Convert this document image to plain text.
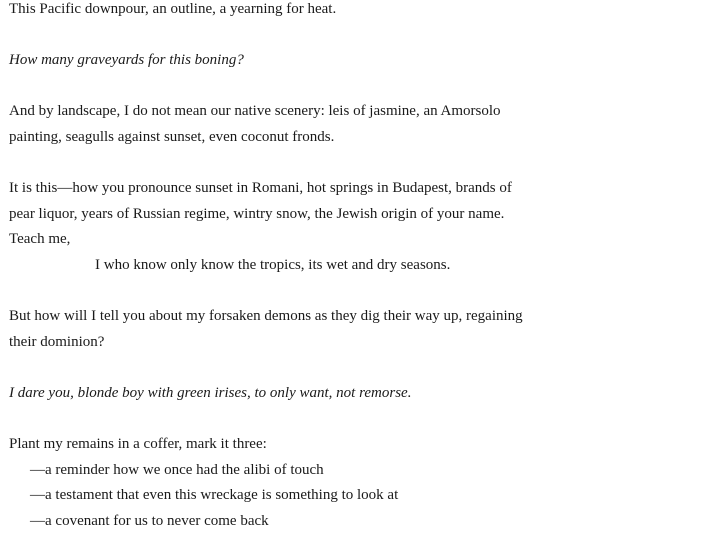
This Pacific downpour, an outline, a yearning for heat.
How many graveyards for this boning?
And by landscape, I do not mean our native scenery: leis of jasmine, an Amorsolo
painting, seagulls against sunset, even coconut fronds.
It is this—how you pronounce sunset in Romani, hot springs in Budapest, brands of
pear liquor, years of Russian regime, wintry snow, the Jewish origin of your name.
Teach me,
I who know only know the tropics, its wet and dry seasons.
But how will I tell you about my forsaken demons as they dig their way up, regaining
their dominion?
I dare you, blonde boy with green irises, to only want, not remorse.
Plant my remains in a coffer, mark it three:
—a reminder how we once had the alibi of touch
—a testament that even this wreckage is something to look at
—a covenant for us to never come back
